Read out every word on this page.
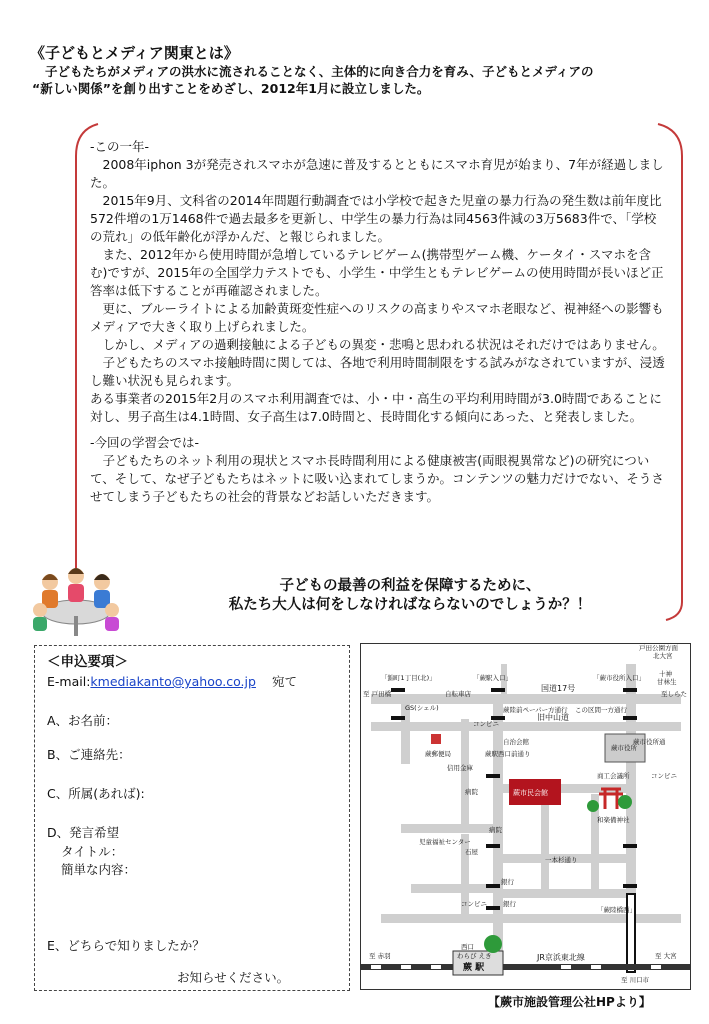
《子どもとメディア関東とは》
子どもたちがメディアの洪水に流されることなく、主体的に向き合力を育み、子どもとメディアの
“新しい関係”を創り出すことをめざし、2012年1月に設立しました。

-この一年-

2008年iphon 3が発売されスマホが急速に普及するとともにスマホ育児が始まり、7年が経過しました。

2015年9月、文科省の2014年問題行動調査では小学校で起きた児童の暴力行為の発生数は前年度比572件増の1万1468件で過去最多を更新し、中学生の暴力行為は同4563件減の3万5683件で、「学校の荒れ」の低年齢化が浮かんだ、と報じられました。

また、2012年から使用時間が急増しているテレビゲーム(携帯型ゲーム機、ケータイ・スマホを含む)ですが、2015年の全国学力テストでも、小学生・中学生ともテレビゲームの使用時間が長いほど正答率は低下することが再確認されました。

更に、ブルーライトによる加齢黄斑変性症へのリスクの高まりやスマホ老眼など、視神経への影響もメディアで大きく取り上げられました。

しかし、メディアの過剰接触による子どもの異変・悲鳴と思われる状況はそれだけではありません。

子どもたちのスマホ接触時間に関しては、各地で利用時間制限をする試みがなされていますが、浸透し難い状況も見られます。

ある事業者の2015年2月のスマホ利用調査では、小・中・高生の平均利用時間が3.0時間であることに対し、男子高生は4.1時間、女子高生は7.0時間と、長時間化する傾向にあった、と発表しました。

-今回の学習会では-

子どもたちのネット利用の現状とスマホ長時間利用による健康被害(両眼視異常など)の研究について、そして、なぜ子どもたちはネットに吸い込まれてしまうか。コンテンツの魅力だけでない、そうさせてしまう子どもたちの社会的背景などお話しいただきます。

子どもの最善の利益を保障するために、
私たち大人は何をしなければならないのでしょうか？！
＜申込要項＞
E-mail:kmediakanto@yahoo.co.jp 宛て
A、お名前：
B、ご連絡先：
C、所属(あれば):
D、発言希望
タイトル：
簡単な内容：
E、どちらで知りましたか？
お知らせください。
戸田公園方面
北大宮
十神
甘林生
至しらた
「錦町1丁目(北)」	「蕨駅入口」	「蕨市役所入口」
至 戸田橋	自転車店
国道17号
GS(シェル)	蕨陸前ペーパー方通行 この区間一方通行
コンビニ
旧中山道
蕨郵便局
自治会館
信用金庫
蕨駅西口前通り
蕨市役所通
蕨市役所
商工会議所	コンビニ
病院	蕨市民会館
和楽備神社
病院
児童福祉センター
石屋
一本杉通り
銀行
コンビニ 銀行
「蕨陸橋西」
西口
わらび えき
蕨 駅
JR京浜東北線
至 赤羽	至 大宮
至 川口市
【蕨市施設管理公社HPより】
